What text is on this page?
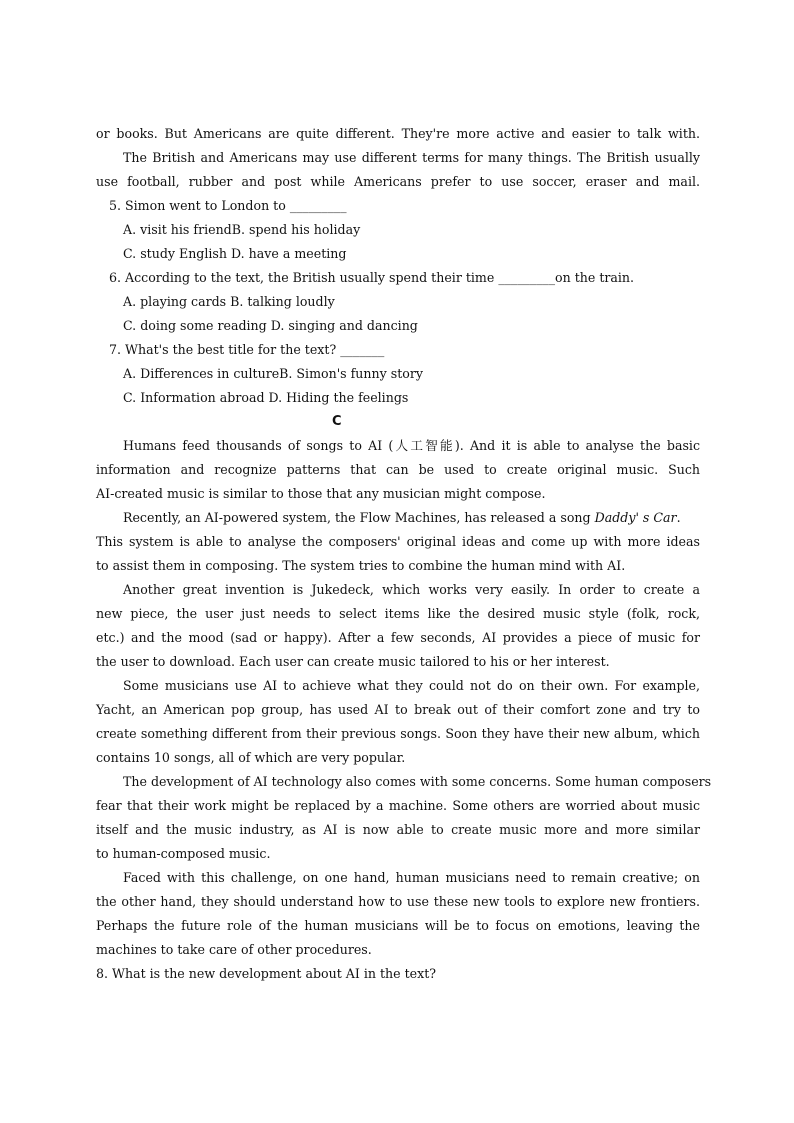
or books. But Americans are quite different. They're more active and easier to talk with.
The British and Americans may use different terms for many things. The British usually
use football, rubber and post while Americans prefer to use soccer, eraser and mail.
5. Simon went to London to _________
A. visit his friendB. spend his holiday
C. study English D. have a meeting
6. According to the text, the British usually spend their time _________on the train.
A. playing cards B. talking loudly
C. doing some reading D. singing and dancing
7. What's the best title for the text? _______
A. Differences in cultureB. Simon's funny story
C. Information abroad D. Hiding the feelings
C
Humans feed thousands of songs to AI (人工智能). And it is able to analyse the basic
information and recognize patterns that can be used to create original music. Such
AI-created music is similar to those that any musician might compose.
Recently, an AI-powered system, the Flow Machines, has released a song Daddy' s Car.
This system is able to analyse the composers' original ideas and come up with more ideas
to assist them in composing. The system tries to combine the human mind with AI.
Another great invention is Jukedeck, which works very easily. In order to create a
new piece, the user just needs to select items like the desired music style (folk, rock,
etc.) and the mood (sad or happy). After a few seconds, AI provides a piece of music for
the user to download. Each user can create music tailored to his or her interest.
Some musicians use AI to achieve what they could not do on their own. For example,
Yacht, an American pop group, has used AI to break out of their comfort zone and try to
create something different from their previous songs. Soon they have their new album, which
contains 10 songs, all of which are very popular.
The development of AI technology also comes with some concerns. Some human composers
fear that their work might be replaced by a machine. Some others are worried about music
itself and the music industry, as AI is now able to create music more and more similar
to human-composed music.
Faced with this challenge, on one hand, human musicians need to remain creative; on
the other hand, they should understand how to use these new tools to explore new frontiers.
Perhaps the future role of the human musicians will be to focus on emotions, leaving the
machines to take care of other procedures.
8. What is the new development about AI in the text?
